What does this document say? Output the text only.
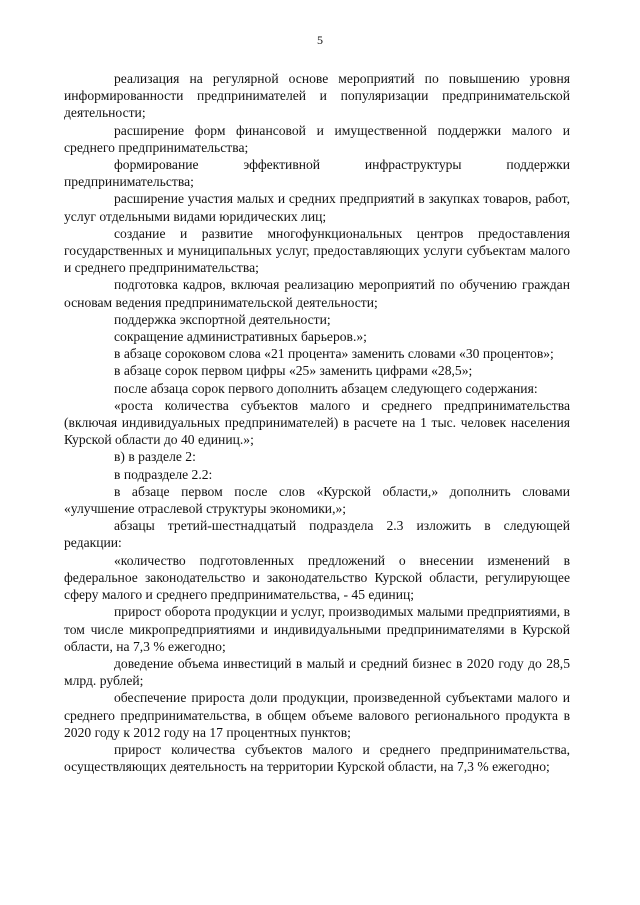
5

реализация на регулярной основе мероприятий по повышению уровня информированности предпринимателей и популяризации предпринимательской деятельности;

расширение форм финансовой и имущественной поддержки малого и среднего предпринимательства;

формирование эффективной инфраструктуры поддержки предпринимательства;

расширение участия малых и средних предприятий в закупках товаров, работ, услуг отдельными видами юридических лиц;

создание и развитие многофункциональных центров предоставления государственных и муниципальных услуг, предоставляющих услуги субъектам малого и среднего предпринимательства;

подготовка кадров, включая реализацию мероприятий по обучению граждан основам ведения предпринимательской деятельности;

поддержка экспортной деятельности;

сокращение административных барьеров.»;

в абзаце сороковом слова «21 процента» заменить словами «30 процентов»;

в абзаце сорок первом цифры «25» заменить цифрами «28,5»;

после абзаца сорок первого дополнить абзацем следующего содержания:

«роста количества субъектов малого и среднего предпринимательства (включая индивидуальных предпринимателей) в расчете на 1 тыс. человек населения Курской области до 40 единиц.»;

в) в разделе 2:

в подразделе 2.2:

в абзаце первом после слов «Курской области,» дополнить словами «улучшение отраслевой структуры экономики,»;

абзацы третий-шестнадцатый подраздела 2.3 изложить в следующей редакции:

«количество подготовленных предложений о внесении изменений в федеральное законодательство и законодательство Курской области, регулирующее сферу малого и среднего предпринимательства, - 45 единиц;

прирост оборота продукции и услуг, производимых малыми предприятиями, в том числе микропредприятиями и индивидуальными предпринимателями в Курской области, на 7,3 % ежегодно;

доведение объема инвестиций в малый и средний бизнес в 2020 году до 28,5 млрд. рублей;

обеспечение прироста доли продукции, произведенной субъектами малого и среднего предпринимательства, в общем объеме валового регионального продукта в 2020 году к 2012 году на 17 процентных пунктов;

прирост количества субъектов малого и среднего предпринимательства, осуществляющих деятельность на территории Курской области, на 7,3 % ежегодно;
